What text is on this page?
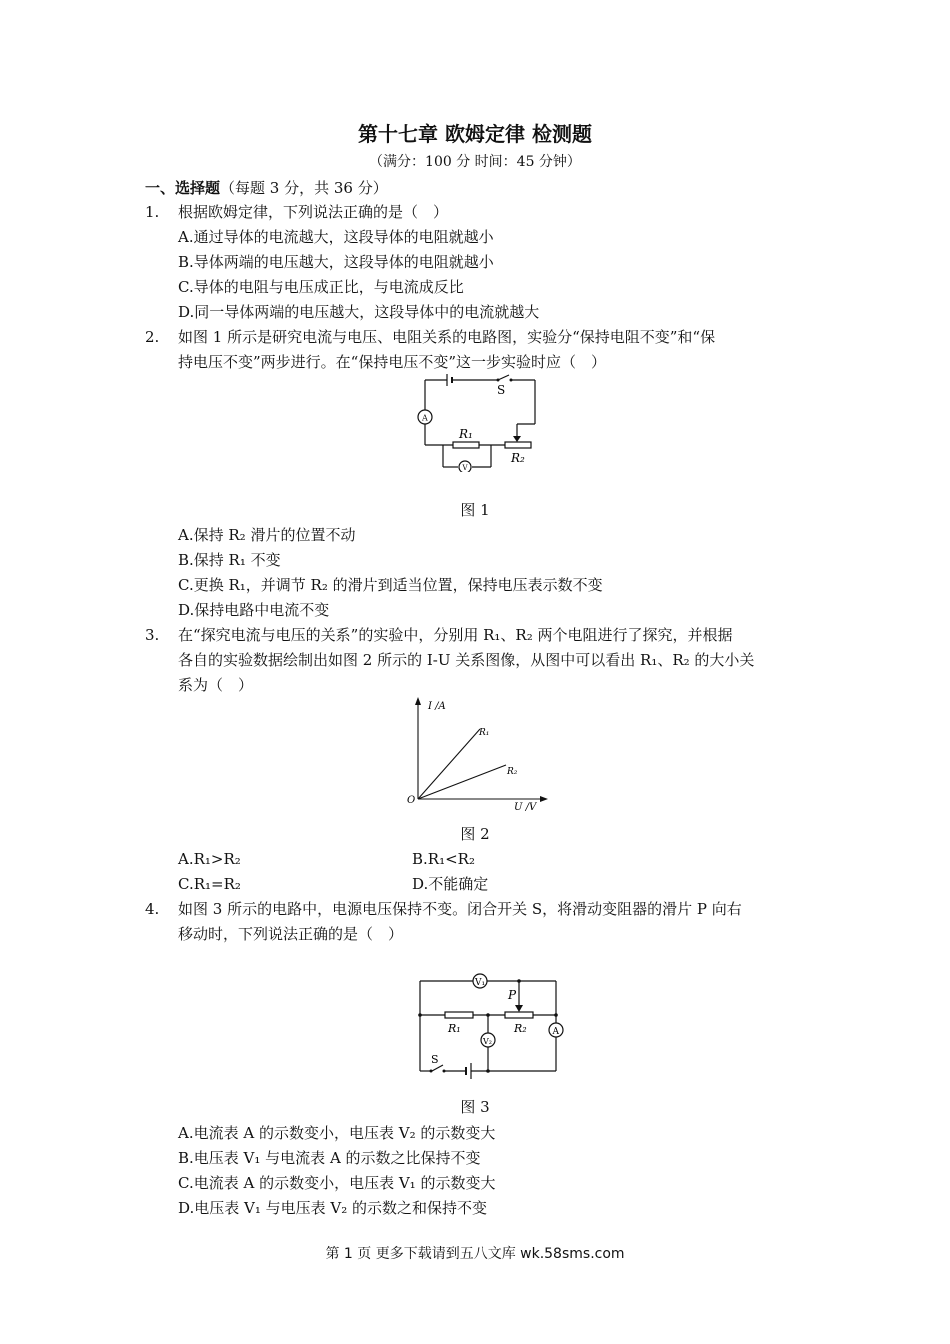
第十七章 欧姆定律 检测题
（满分：100 分 时间：45 分钟）
一、选择题（每题 3 分，共 36 分）
1. 根据欧姆定律，下列说法正确的是（　）
A.通过导体的电流越大，这段导体的电阻就越小
B.导体两端的电压越大，这段导体的电阻就越小
C.导体的电阻与电压成正比，与电流成反比
D.同一导体两端的电压越大，这段导体中的电流就越大
2. 如图 1 所示是研究电流与电压、电阻关系的电路图，实验分“保持电阻不变”和“保
持电压不变”两步进行。在“保持电压不变”这一步实验时应（　）
S
A
V
R₁
R₂
图 1
A.保持 R₂ 滑片的位置不动
B.保持 R₁ 不变
C.更换 R₁，并调节 R₂ 的滑片到适当位置，保持电压表示数不变
D.保持电路中电流不变
3. 在“探究电流与电压的关系”的实验中，分别用 R₁、R₂ 两个电阻进行了探究，并根据
各自的实验数据绘制出如图 2 所示的 I-U 关系图像，从图中可以看出 R₁、R₂ 的大小关
系为（　）
I /A
U /V
O
R₁
R₂
图 2
A.R₁>R₂	B.R₁<R₂
C.R₁=R₂	D.不能确定
4. 如图 3 所示的电路中，电源电压保持不变。闭合开关 S，将滑动变阻器的滑片 P 向右
移动时，下列说法正确的是（　）
V₁
V₂
A
P
R₁	R₂
S
图 3
A.电流表 A 的示数变小，电压表 V₂ 的示数变大
B.电压表 V₁ 与电流表 A 的示数之比保持不变
C.电流表 A 的示数变小，电压表 V₁ 的示数变大
D.电压表 V₁ 与电压表 V₂ 的示数之和保持不变
第 1 页 更多下载请到五八文库 wk.58sms.com
